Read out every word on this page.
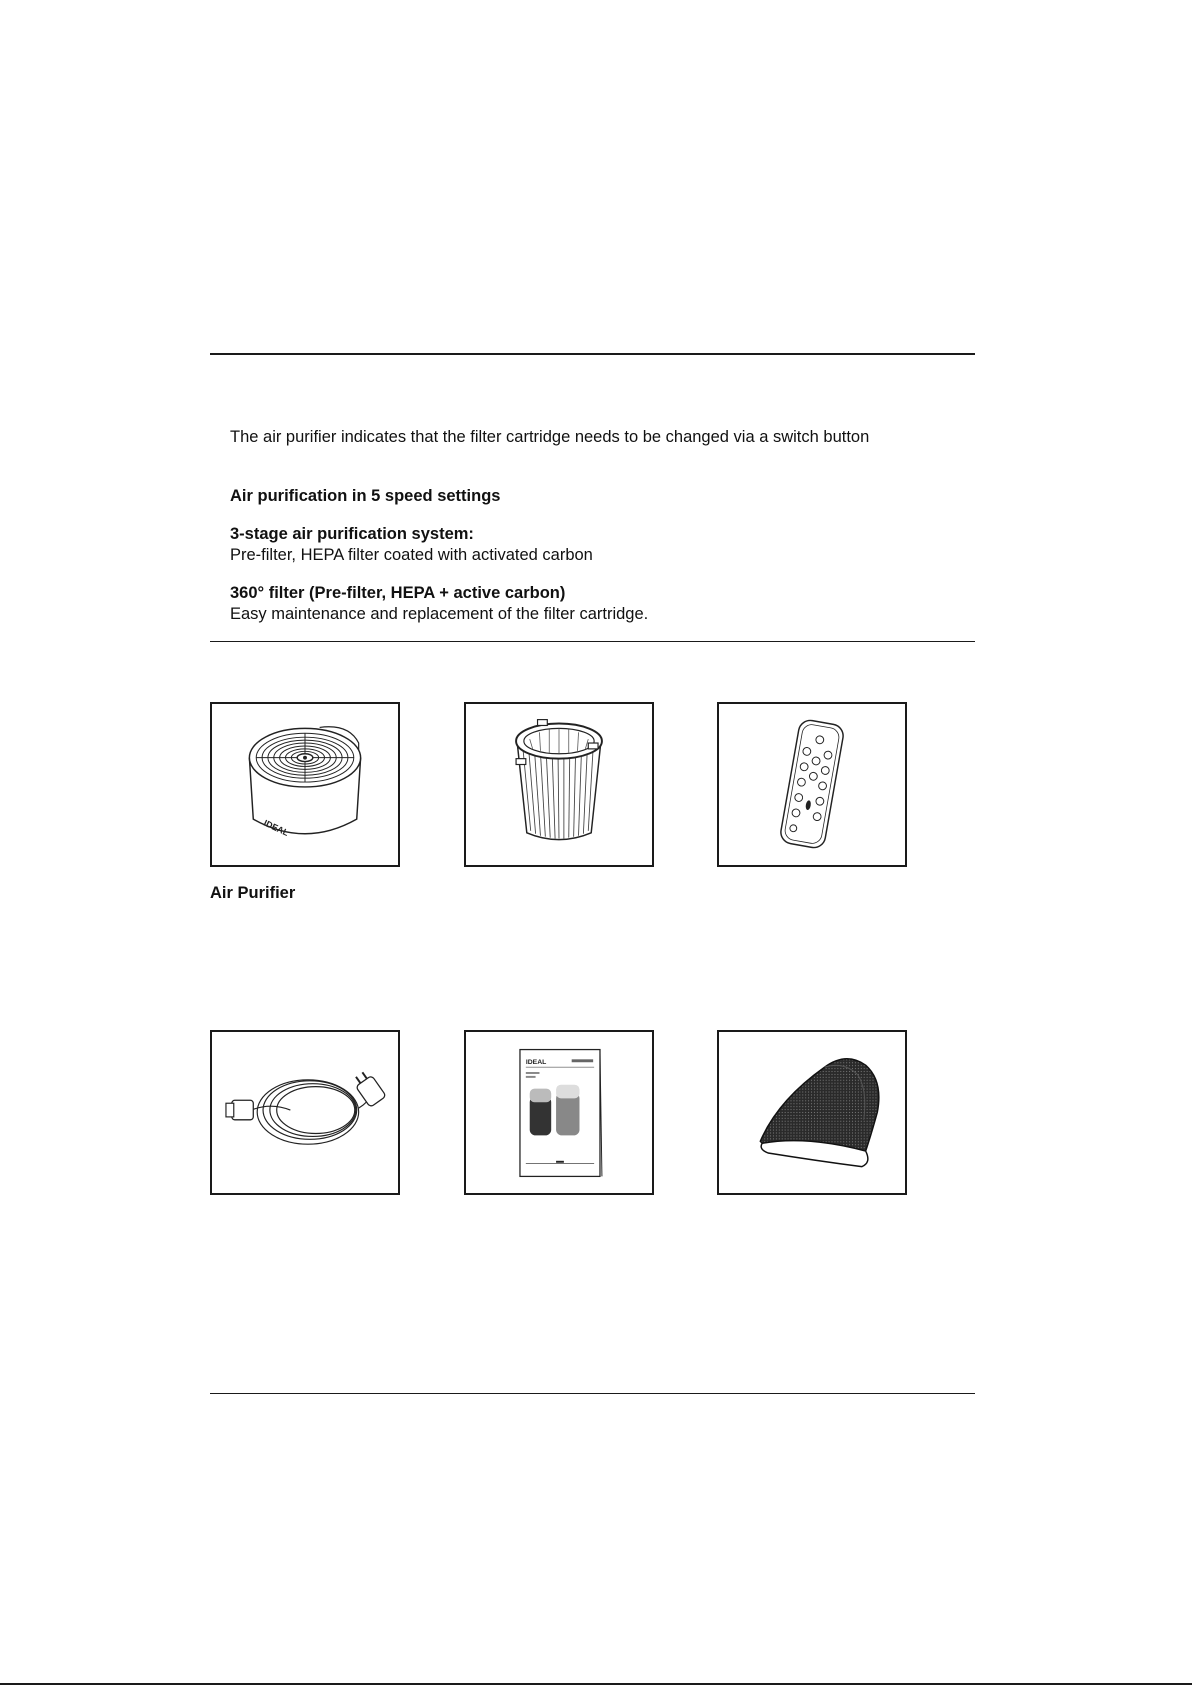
The air purifier indicates that the filter cartridge needs to be changed via a switch button
Air purification in 5 speed settings
3-stage air purification system:
Pre-filter, HEPA filter coated with activated carbon
360° filter (Pre-filter, HEPA + active carbon)
Easy maintenance and replacement of the filter cartridge.
IDEAL
Air Purifier
IDEAL
